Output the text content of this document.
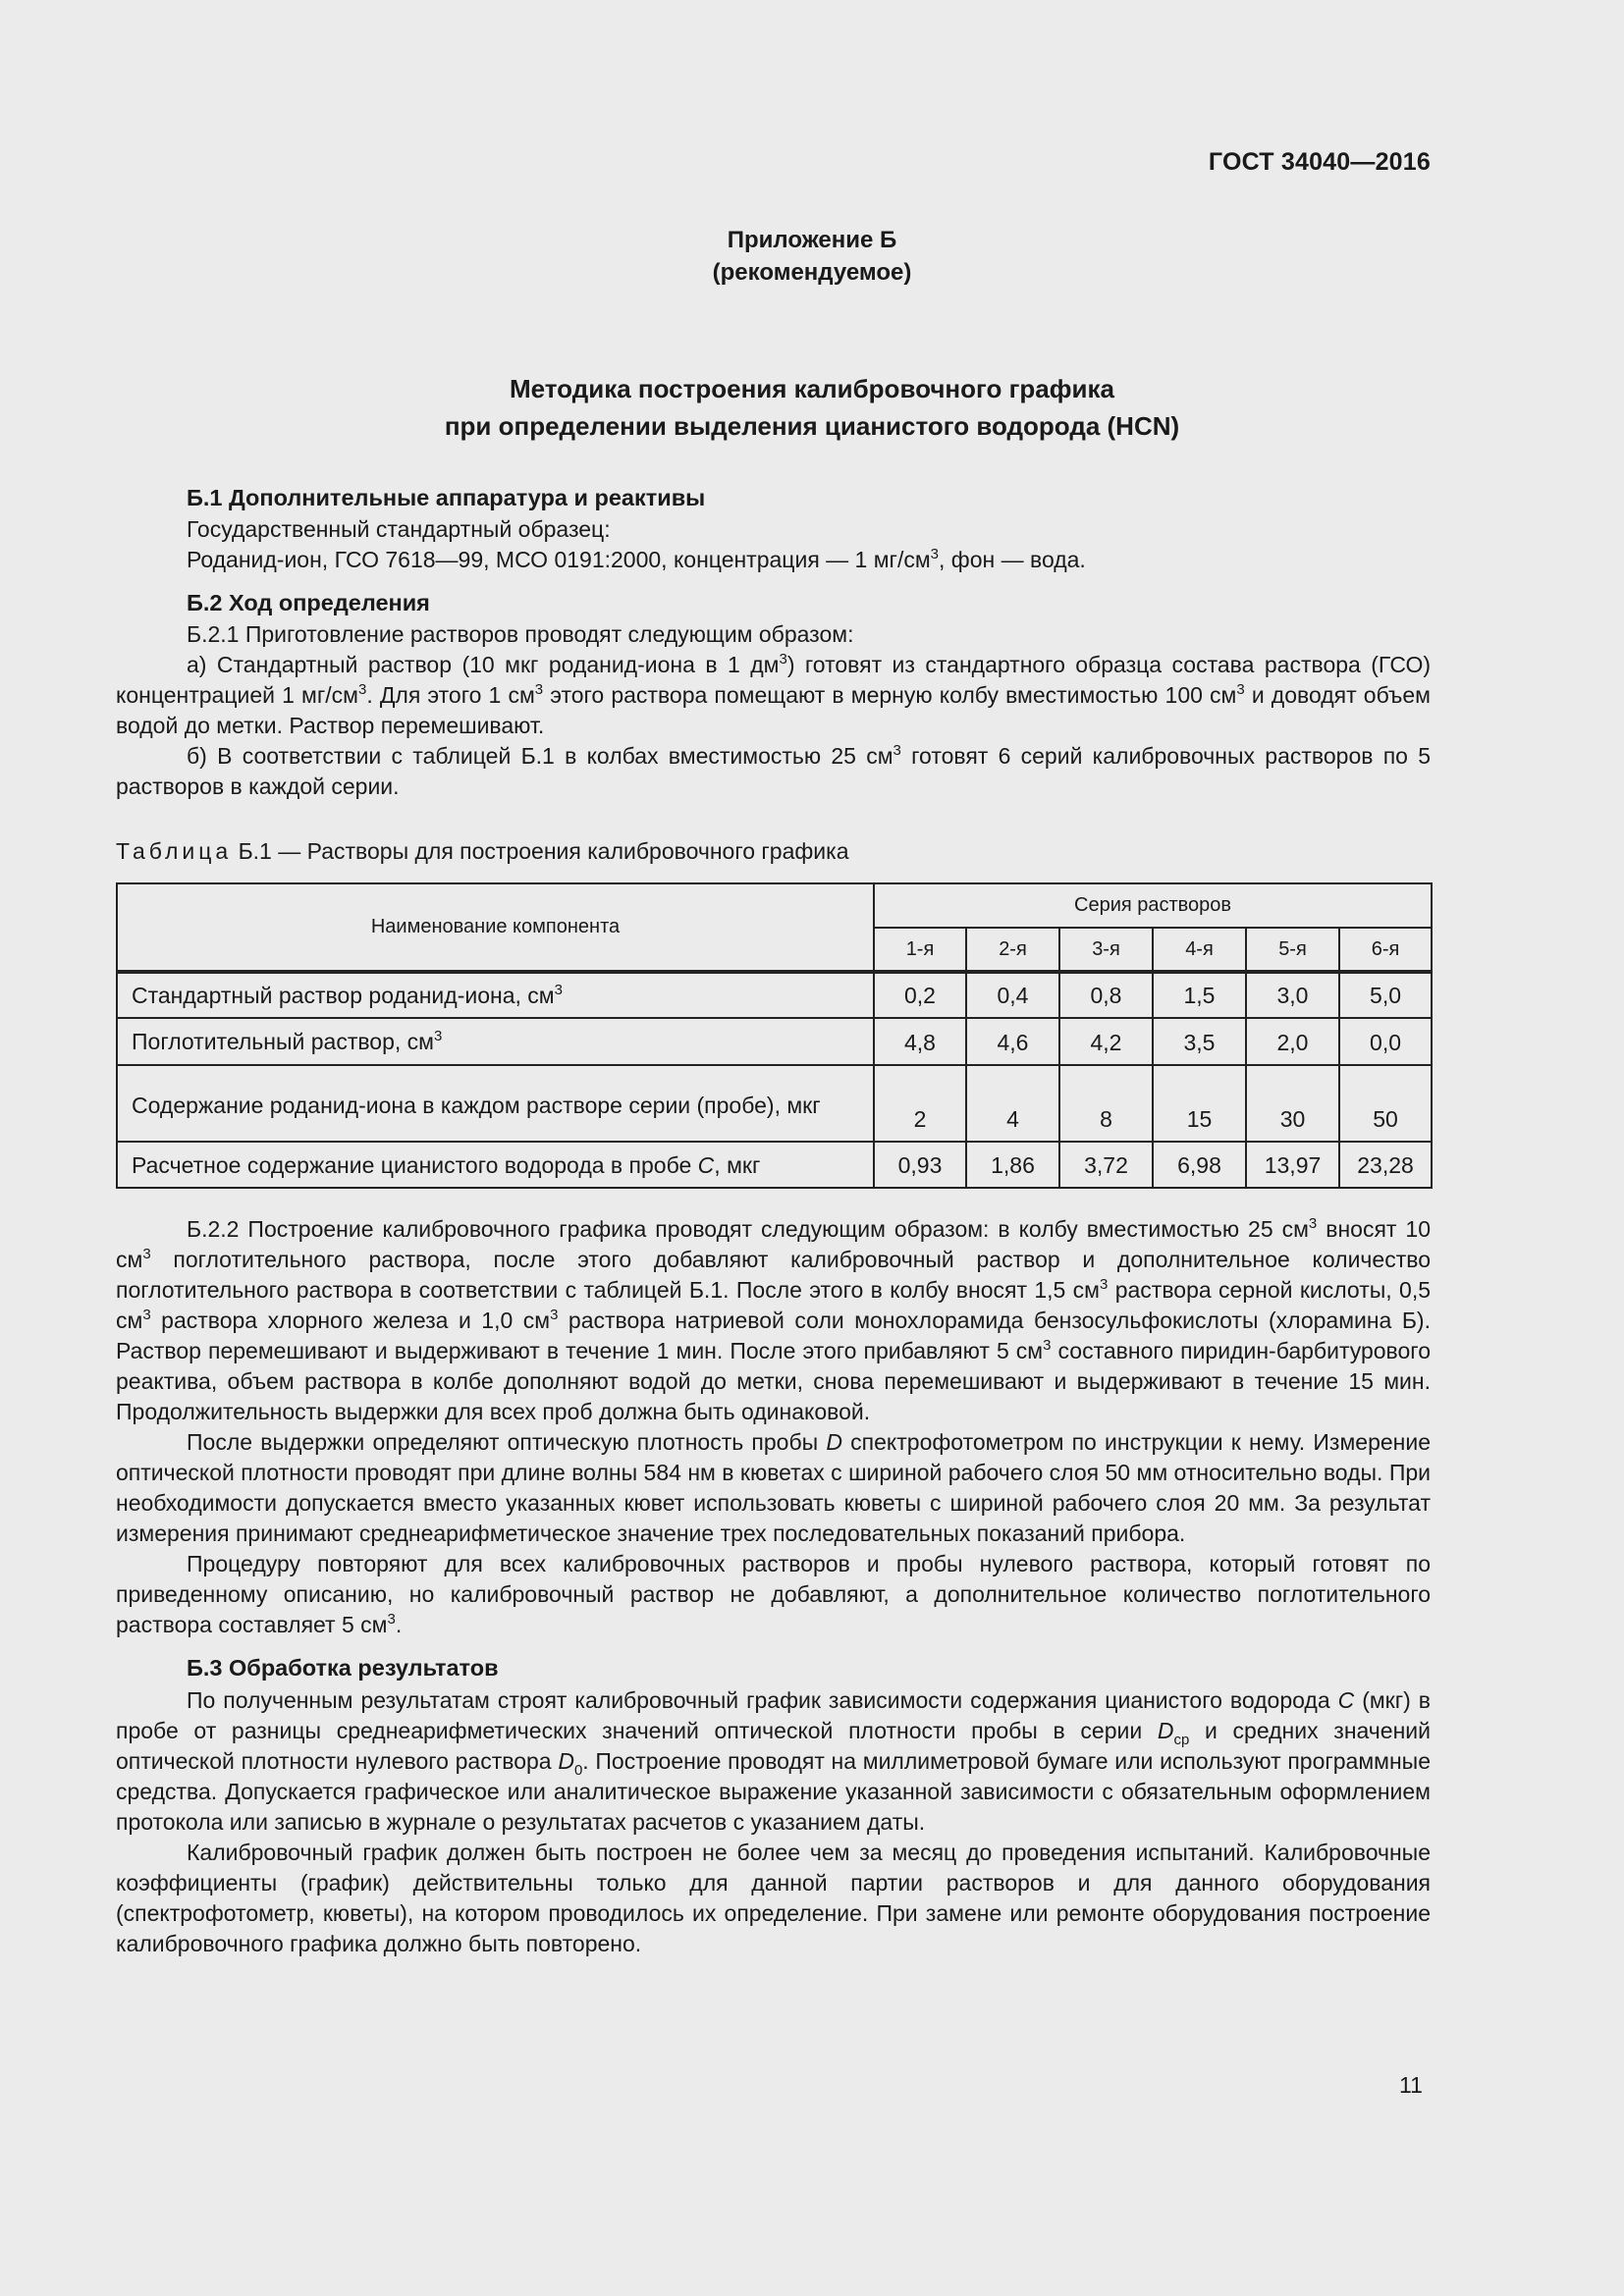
ГОСТ 34040—2016
Приложение Б
(рекомендуемое)
Методика построения калибровочного графика
при определении выделения цианистого водорода (HCN)
Б.1 Дополнительные аппаратура и реактивы

Государственный стандартный образец:

Роданид-ион, ГСО 7618—99, МСО 0191:2000, концентрация — 1 $мг/см^3$, фон — вода.

Б.2 Ход определения

Б.2.1 Приготовление растворов проводят следующим образом:

а) Стандартный раствор (10 мкг роданид-иона в 1 $дм^3$) готовят из стандартного образца состава раствора (ГСО) концентрацией 1 $мг/см^3$. Для этого 1 $см^3$ этого раствора помещают в мерную колбу вместимостью 100 $см^3$ и доводят объем водой до метки. Раствор перемешивают.

б) В соответствии с таблицей Б.1 в колбах вместимостью 25 $см^3$ готовят 6 серий калибровочных растворов по 5 растворов в каждой серии.

Таблица Б.1 — Растворы для построения калибровочного графика
Наименование компонента	Серия растворов					
	1-я	2-я	3-я	4-я	5-я	6-я
Стандартный раствор роданид-иона, $см^3$	0,2	0,4	0,8	1,5	3,0	5,0
Поглотительный раствор, $см^3$	4,8	4,6	4,2	3,5	2,0	0,0
Содержание роданид-иона в каждом растворе серии (пробе), мкг	2	4	8	15	30	50
Расчетное содержание цианистого водорода в пробе C, мкг	0,93	1,86	3,72	6,98	13,97	23,28

Б.2.2 Построение калибровочного графика проводят следующим образом: в колбу вместимостью 25 $см^3$ вносят 10 $см^3$ поглотительного раствора, после этого добавляют калибровочный раствор и дополнительное количество поглотительного раствора в соответствии с таблицей Б.1. После этого в колбу вносят 1,5 $см^3$ раствора серной кислоты, 0,5 $см^3$ раствора хлорного железа и 1,0 $см^3$ раствора натриевой соли монохлорамида бензосульфокислоты (хлорамина Б). Раствор перемешивают и выдерживают в течение 1 мин. После этого прибавляют 5 $см^3$ составного пиридин-барбитурового реактива, объем раствора в колбе дополняют водой до метки, снова перемешивают и выдерживают в течение 15 мин. Продолжительность выдержки для всех проб должна быть одинаковой.

После выдержки определяют оптическую плотность пробы D спектрофотометром по инструкции к нему. Измерение оптической плотности проводят при длине волны 584 нм в кюветах с шириной рабочего слоя 50 мм относительно воды. При необходимости допускается вместо указанных кювет использовать кюветы с шириной рабочего слоя 20 мм. За результат измерения принимают среднеарифметическое значение трех последовательных показаний прибора.

Процедуру повторяют для всех калибровочных растворов и пробы нулевого раствора, который готовят по приведенному описанию, но калибровочный раствор не добавляют, а дополнительное количество поглотительного раствора составляет 5 $см^3$.

Б.3 Обработка результатов

По полученным результатам строят калибровочный график зависимости содержания цианистого водорода C (мкг) в пробе от разницы среднеарифметических значений оптической плотности пробы в серии $D_{ср}$ и средних значений оптической плотности нулевого раствора $D_0$. Построение проводят на миллиметровой бумаге или используют программные средства. Допускается графическое или аналитическое выражение указанной зависимости с обязательным оформлением протокола или записью в журнале о результатах расчетов с указанием даты.

Калибровочный график должен быть построен не более чем за месяц до проведения испытаний. Калибровочные коэффициенты (график) действительны только для данной партии растворов и для данного оборудования (спектрофотометр, кюветы), на котором проводилось их определение. При замене или ремонте оборудования построение калибровочного графика должно быть повторено.

11
